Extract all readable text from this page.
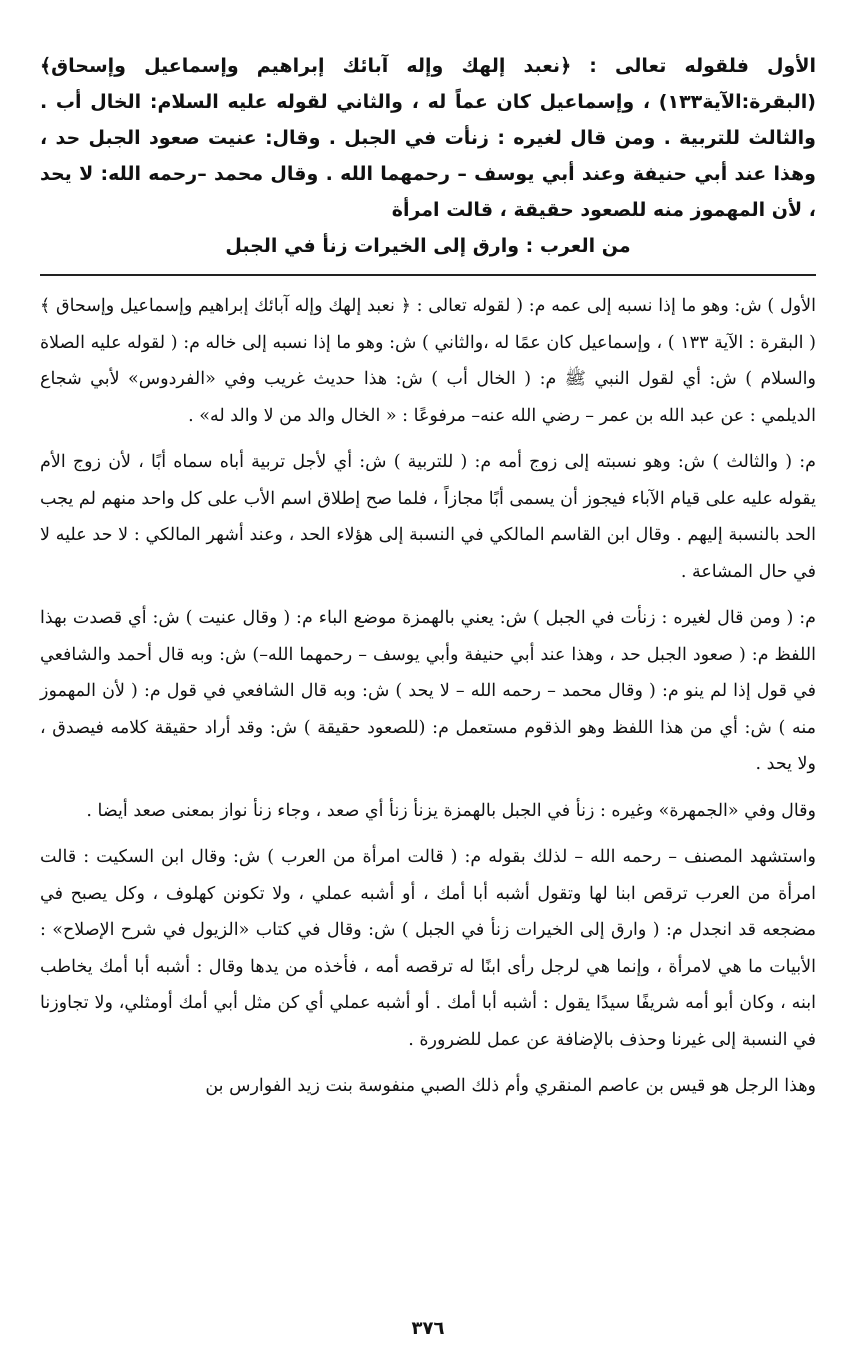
الأول فلقوله تعالى : ﴿نعبد إلهك وإله آبائك إبراهيم وإسماعيل وإسحاق﴾ (البقرة:الآية١٣٣) ، وإسماعيل كان عماً له ، والثاني لقوله عليه السلام: الخال أب . والثالث للتربية . ومن قال لغيره : زنأت في الجبل . وقال: عنيت صعود الجبل حد ، وهذا عند أبي حنيفة وعند أبي يوسف – رحمهما الله . وقال محمد –رحمه الله: لا يحد ، لأن المهموز منه للصعود حقيقة ، قالت امرأة

من العرب : وارق إلى الخيرات زنأ في الجبل

الأول ) ش: وهو ما إذا نسبه إلى عمه م: ( لقوله تعالى : ﴿ نعبد إلهك وإله آبائك إبراهيم وإسماعيل وإسحاق ﴾ ( البقرة : الآية ١٣٣ ) ، وإسماعيل كان عمًا له ،والثاني ) ش: وهو ما إذا نسبه إلى خاله م: ( لقوله عليه الصلاة والسلام ) ش: أي لقول النبي ﷺ م: ( الخال أب ) ش: هذا حديث غريب وفي «الفردوس» لأبي شجاع الديلمي : عن عبد الله بن عمر – رضي الله عنه– مرفوعًا : « الخال والد من لا والد له» .

م: ( والثالث ) ش: وهو نسبته إلى زوج أمه م: ( للتربية ) ش: أي لأجل تربية أباه سماه أبًا ، لأن زوج الأم يقوله عليه على قيام الآباء فيجوز أن يسمى أبًا مجازاً ، فلما صح إطلاق اسم الأب على كل واحد منهم لم يجب الحد بالنسبة إليهم . وقال ابن القاسم المالكي في النسبة إلى هؤلاء الحد ، وعند أشهر المالكي : لا حد عليه لا في حال المشاعة .

م: ( ومن قال لغيره : زنأت في الجبل ) ش: يعني بالهمزة موضع الباء م: ( وقال عنيت ) ش: أي قصدت بهذا اللفظ م: ( صعود الجبل حد ، وهذا عند أبي حنيفة وأبي يوسف – رحمهما الله–) ش: وبه قال أحمد والشافعي في قول إذا لم ينو م: ( وقال محمد – رحمه الله – لا يحد ) ش: وبه قال الشافعي في قول م: ( لأن المهموز منه ) ش: أي من هذا اللفظ وهو الذقوم مستعمل م: (للصعود حقيقة ) ش: وقد أراد حقيقة كلامه فيصدق ، ولا يحد .

وقال وفي «الجمهرة» وغيره : زنأ في الجبل بالهمزة يزنأ زنأ أي صعد ، وجاء زنأ نواز بمعنى صعد أيضا .

واستشهد المصنف – رحمه الله – لذلك بقوله م: ( قالت امرأة من العرب ) ش: وقال ابن السكيت : قالت امرأة من العرب ترقص ابنا لها وتقول أشبه أبا أمك ، أو أشبه عملي ، ولا تكونن كهلوف ، وكل يصبح في مضجعه قد انجدل م: ( وارق إلى الخيرات زنأ في الجبل ) ش: وقال في كتاب «الزيول في شرح الإصلاح» : الأبيات ما هي لامرأة ، وإنما هي لرجل رأى ابنًا له ترقصه أمه ، فأخذه من يدها وقال : أشبه أبا أمك يخاطب ابنه ، وكان أبو أمه شريفًا سيدًا يقول : أشبه أبا أمك . أو أشبه عملي أي كن مثل أبي أمك أومثلي، ولا تجاوزنا في النسبة إلى غيرنا وحذف بالإضافة عن عمل للضرورة .

وهذا الرجل هو قيس بن عاصم المنقري وأم ذلك الصبي منفوسة بنت زيد الفوارس بن

٣٧٦
